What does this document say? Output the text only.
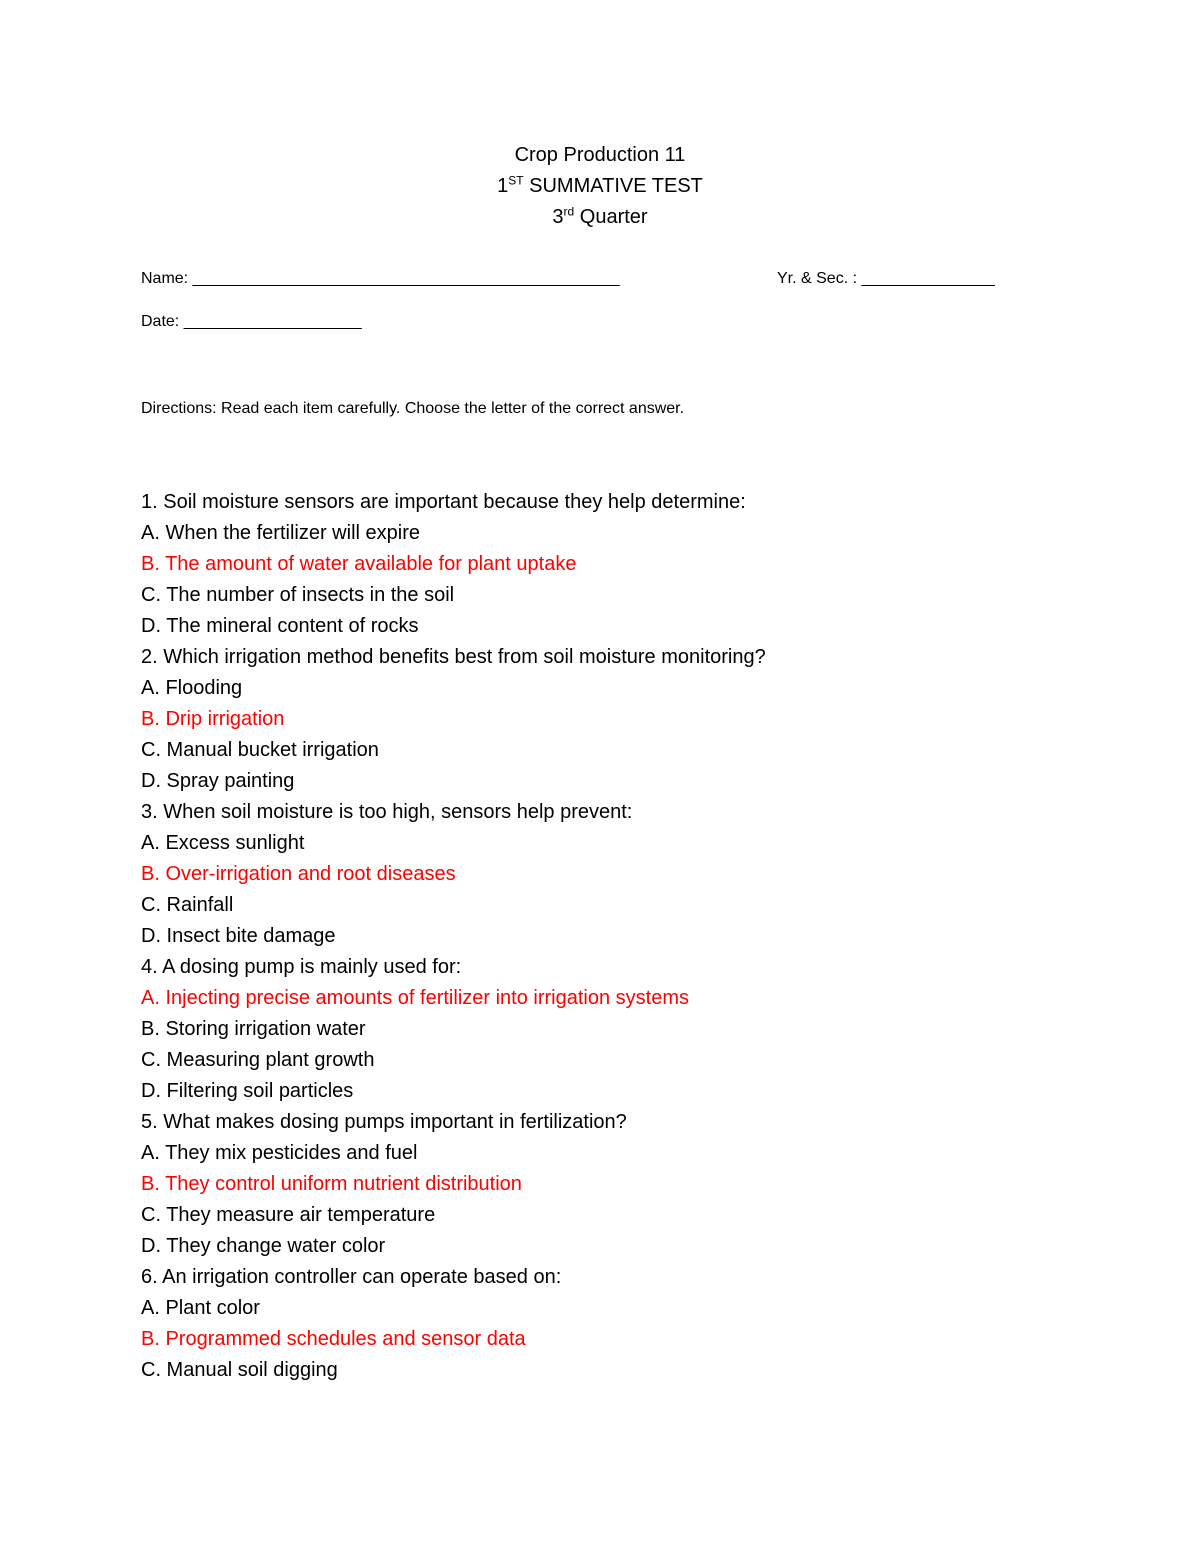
Crop Production 11
1ST SUMMATIVE TEST
3rd Quarter
Name: ________________________________________________	Yr. & Sec. : _______________
Date: ____________________
Directions: Read each item carefully. Choose the letter of the correct answer.
1. Soil moisture sensors are important because they help determine:
A. When the fertilizer will expire
B. The amount of water available for plant uptake
C. The number of insects in the soil
D. The mineral content of rocks
2. Which irrigation method benefits best from soil moisture monitoring?
A. Flooding
B. Drip irrigation
C. Manual bucket irrigation
D. Spray painting
3. When soil moisture is too high, sensors help prevent:
A. Excess sunlight
B. Over-irrigation and root diseases
C. Rainfall
D. Insect bite damage
4. A dosing pump is mainly used for:
A. Injecting precise amounts of fertilizer into irrigation systems
B. Storing irrigation water
C. Measuring plant growth
D. Filtering soil particles
5. What makes dosing pumps important in fertilization?
A. They mix pesticides and fuel
B. They control uniform nutrient distribution
C. They measure air temperature
D. They change water color
6. An irrigation controller can operate based on:
A. Plant color
B. Programmed schedules and sensor data
C. Manual soil digging
